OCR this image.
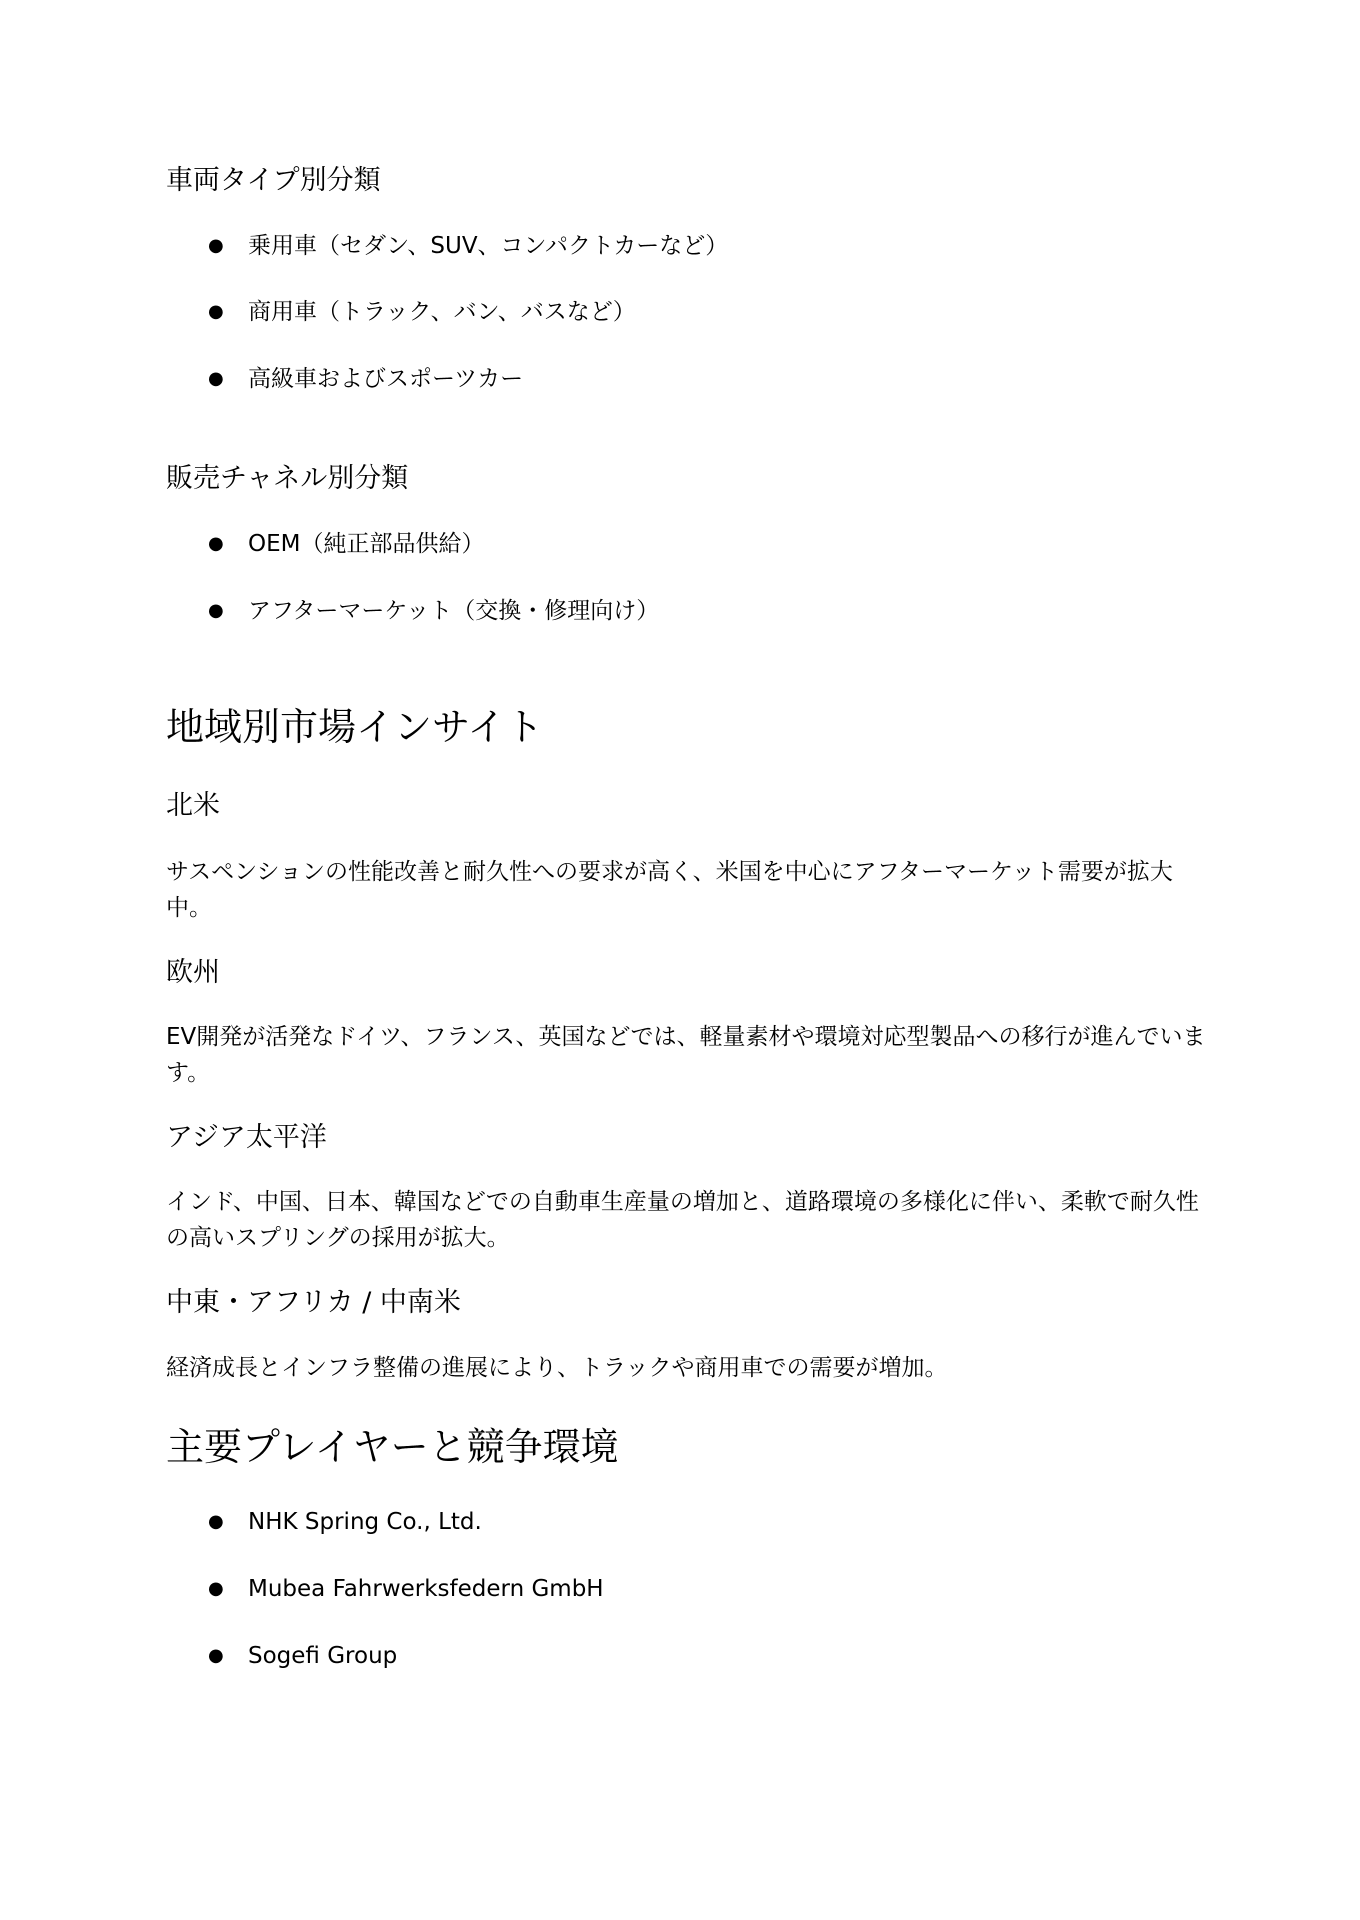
車両タイプ別分類
● 乗用車（セダン、SUV、コンパクトカーなど）
● 商用車（トラック、バン、バスなど）
● 高級車およびスポーツカー
販売チャネル別分類
● OEM（純正部品供給）
● アフターマーケット（交換・修理向け）
地域別市場インサイト
北米

サスペンションの性能改善と耐久性への要求が高く、米国を中心にアフターマーケット需要が拡大中。

欧州

EV開発が活発なドイツ、フランス、英国などでは、軽量素材や環境対応型製品への移行が進んでいます。

アジア太平洋

インド、中国、日本、韓国などでの自動車生産量の増加と、道路環境の多様化に伴い、柔軟で耐久性の高いスプリングの採用が拡大。

中東・アフリカ / 中南米

経済成長とインフラ整備の進展により、トラックや商用車での需要が増加。

主要プレイヤーと競争環境
● NHK Spring Co., Ltd.
● Mubea Fahrwerksfedern GmbH
● Sogefi Group
